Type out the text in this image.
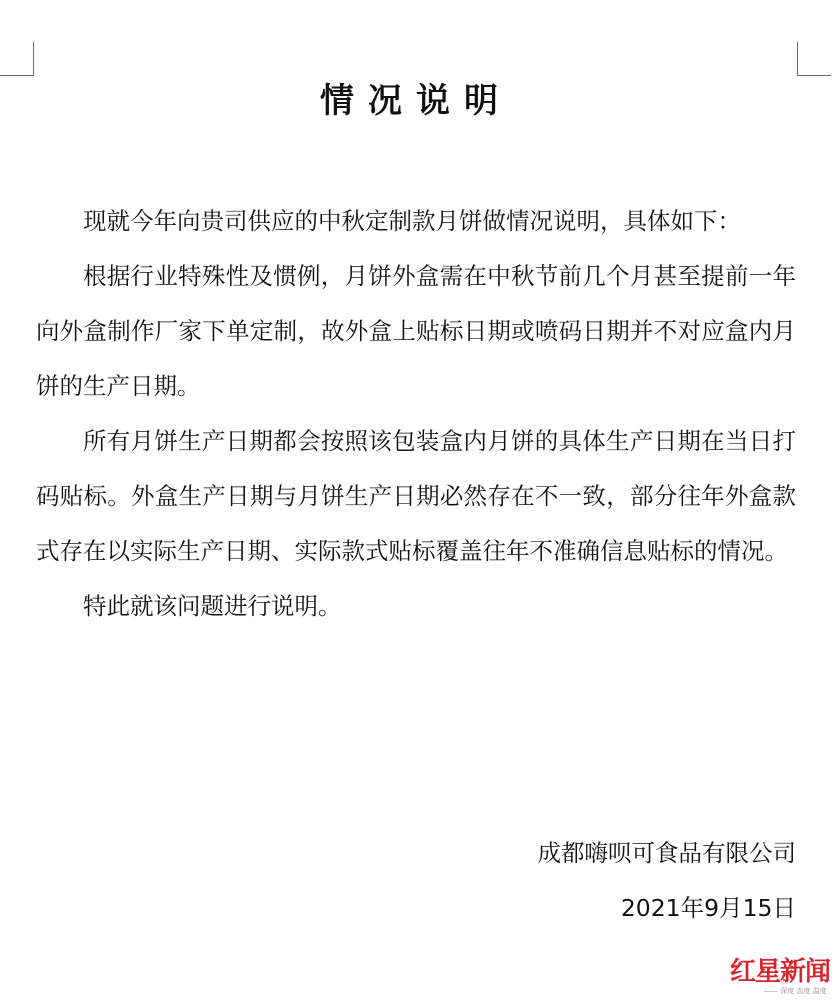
情况说明

现就今年向贵司供应的中秋定制款月饼做情况说明，具体如下：

根据行业特殊性及惯例，月饼外盒需在中秋节前几个月甚至提前一年向外盒制作厂家下单定制，故外盒上贴标日期或喷码日期并不对应盒内月饼的生产日期。

所有月饼生产日期都会按照该包装盒内月饼的具体生产日期在当日打码贴标。外盒生产日期与月饼生产日期必然存在不一致，部分往年外盒款式存在以实际生产日期、实际款式贴标覆盖往年不准确信息贴标的情况。

特此就该问题进行说明。

成都嗨呗可食品有限公司
2021年9月15日
红星新闻
—— 深度 态度 温度
